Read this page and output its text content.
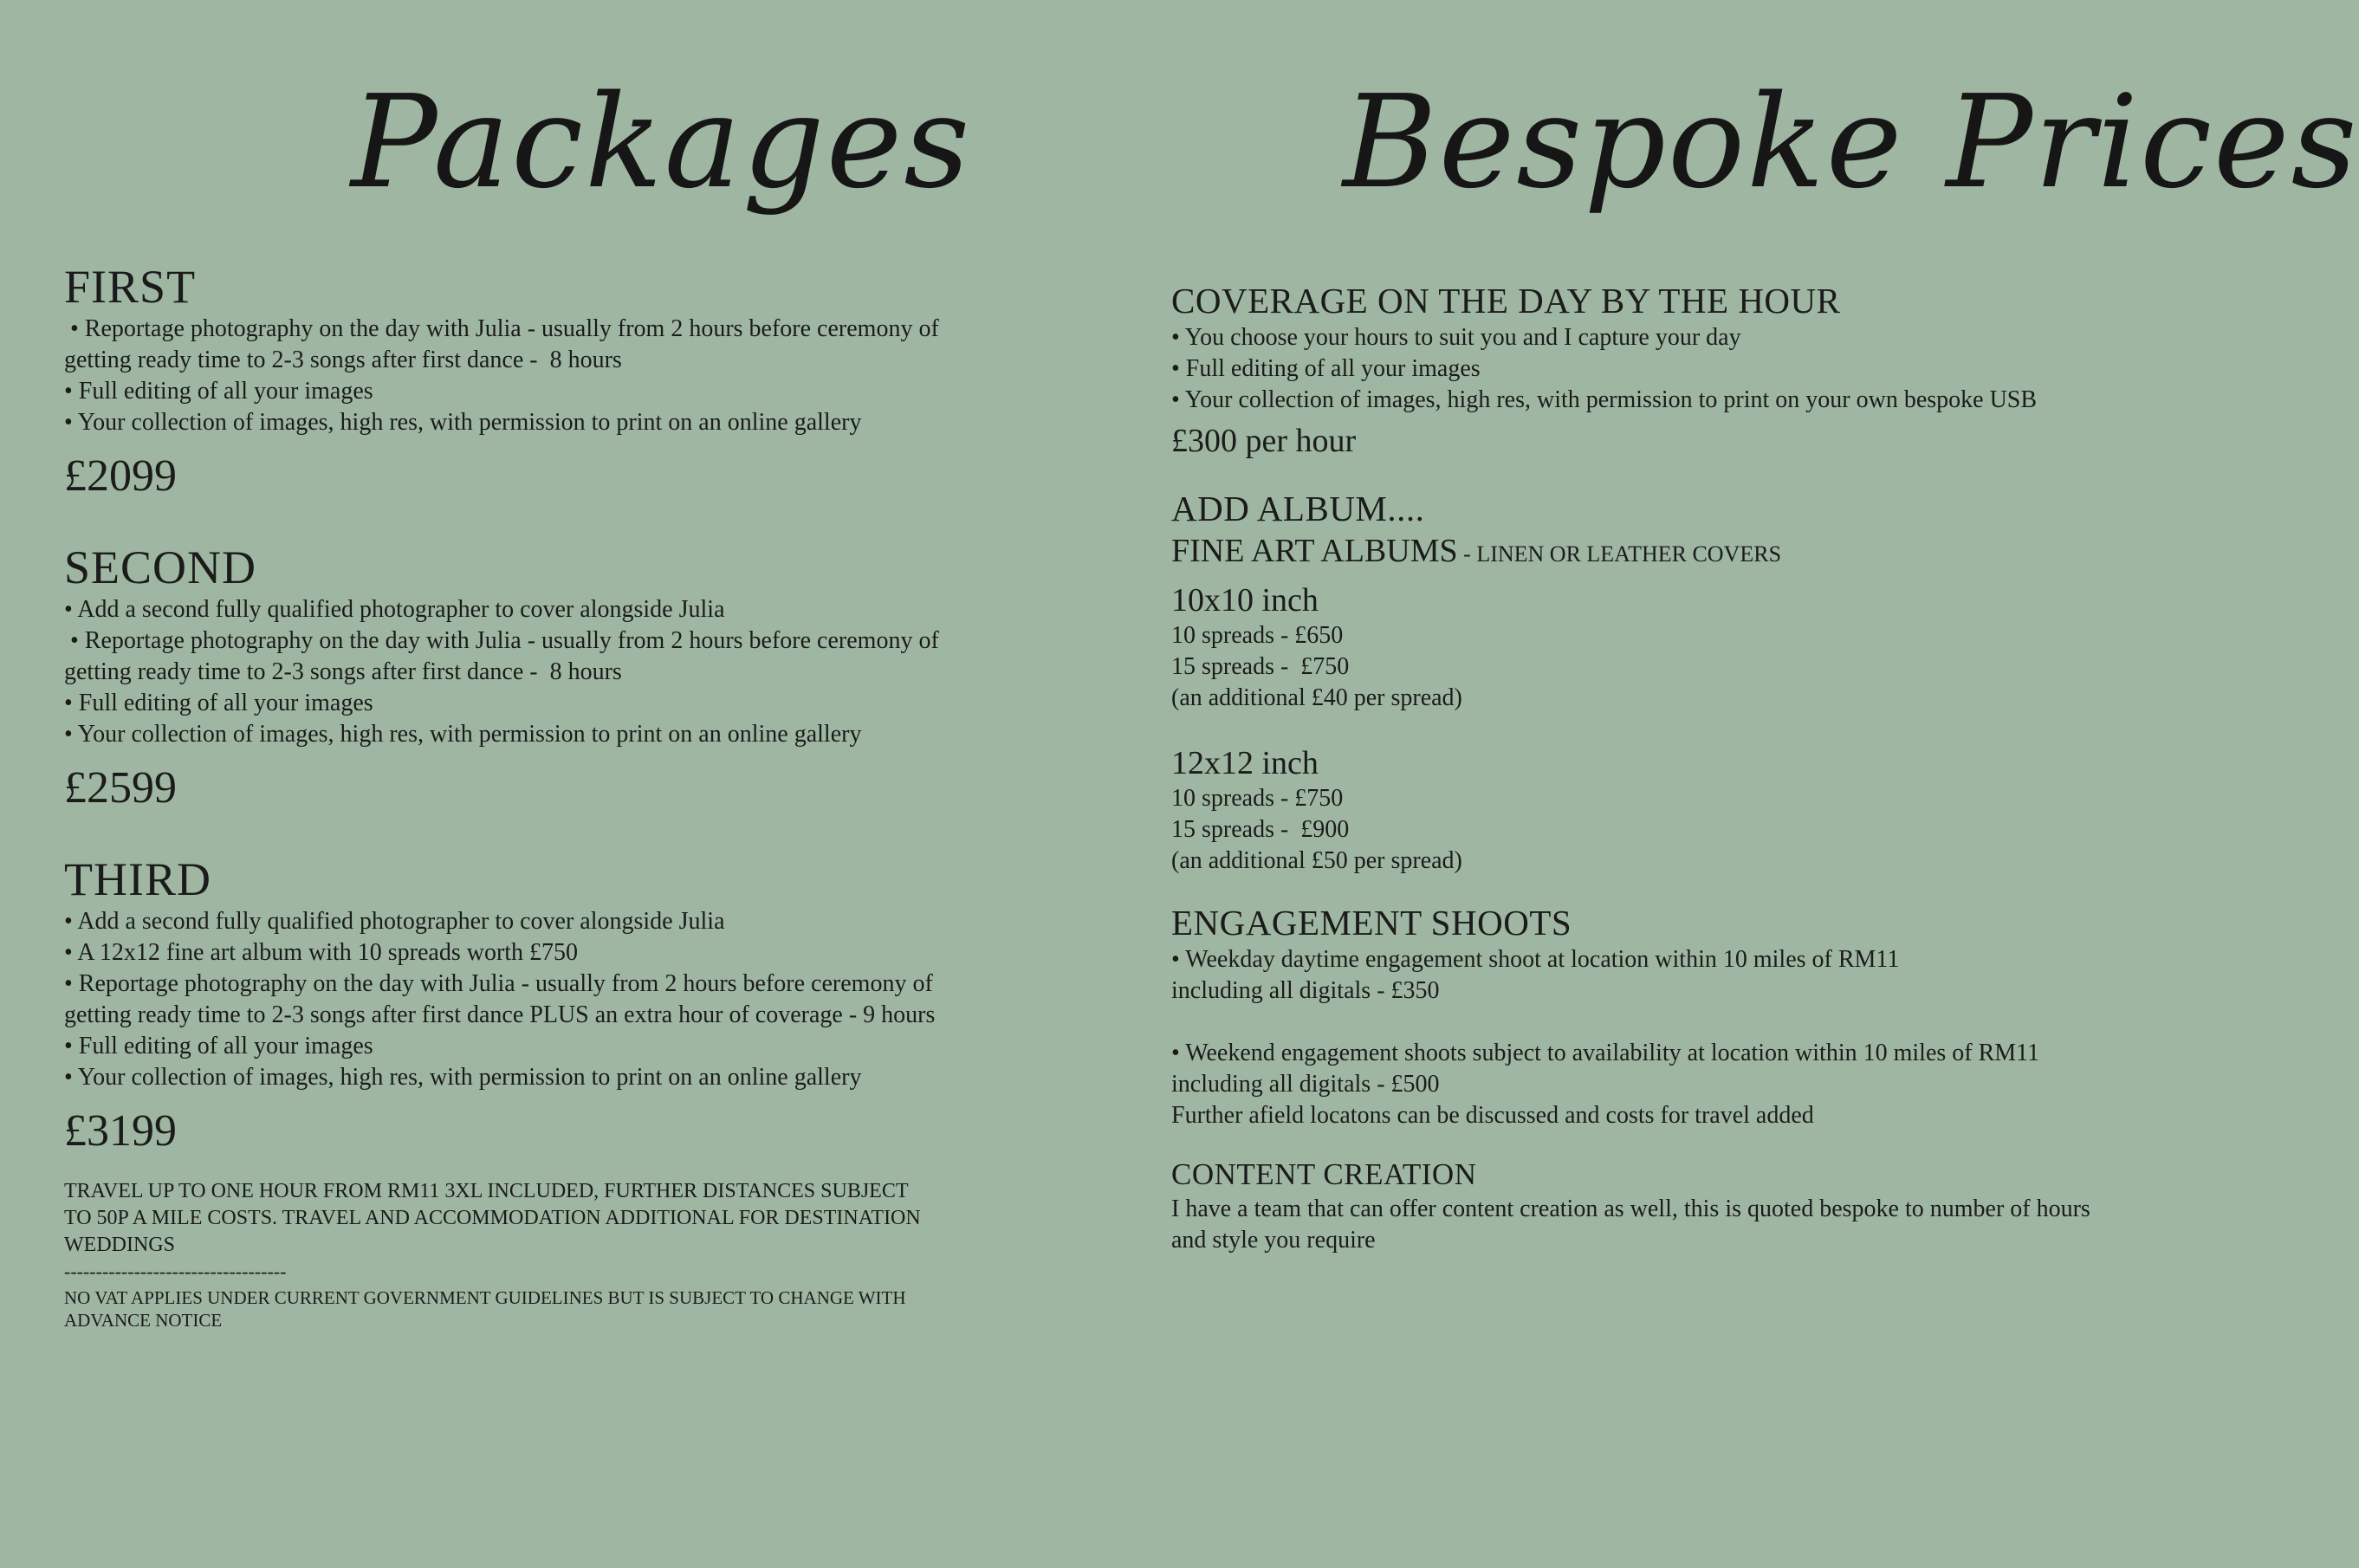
Packages	Bespoke Prices

FIRST

• Reportage photography on the day with Julia - usually from 2 hours before ceremony of

getting ready time to 2-3 songs after first dance -  8 hours

• Full editing of all your images

• Your collection of images, high res, with permission to print on an online gallery

£2099

SECOND

• Add a second fully qualified photographer to cover alongside Julia

• Reportage photography on the day with Julia - usually from 2 hours before ceremony of

getting ready time to 2-3 songs after first dance -  8 hours

• Full editing of all your images

• Your collection of images, high res, with permission to print on an online gallery

£2599

THIRD

• Add a second fully qualified photographer to cover alongside Julia

• A 12x12 fine art album with 10 spreads worth £750

• Reportage photography on the day with Julia - usually from 2 hours before ceremony of

getting ready time to 2-3 songs after first dance PLUS an extra hour of coverage - 9 hours

• Full editing of all your images

• Your collection of images, high res, with permission to print on an online gallery

£3199

TRAVEL UP TO ONE HOUR FROM RM11 3XL INCLUDED, FURTHER DISTANCES SUBJECT

TO 50P A MILE COSTS. TRAVEL AND ACCOMMODATION ADDITIONAL FOR DESTINATION

WEDDINGS

-----------------------------------

NO VAT APPLIES UNDER CURRENT GOVERNMENT GUIDELINES BUT IS SUBJECT TO CHANGE WITH

ADVANCE NOTICE

COVERAGE ON THE DAY BY THE HOUR

• You choose your hours to suit you and I capture your day

• Full editing of all your images

• Your collection of images, high res, with permission to print on your own bespoke USB

£300 per hour

ADD ALBUM....

FINE ART ALBUMS - LINEN OR LEATHER COVERS

10x10 inch

10 spreads - £650

15 spreads -  £750

(an additional £40 per spread)

12x12 inch

10 spreads - £750

15 spreads -  £900

(an additional £50 per spread)

ENGAGEMENT SHOOTS

• Weekday daytime engagement shoot at location within 10 miles of RM11

including all digitals - £350

• Weekend engagement shoots subject to availability at location within 10 miles of RM11

including all digitals - £500

Further afield locatons can be discussed and costs for travel added

CONTENT CREATION

I have a team that can offer content creation as well, this is quoted bespoke to number of hours

and style you require
